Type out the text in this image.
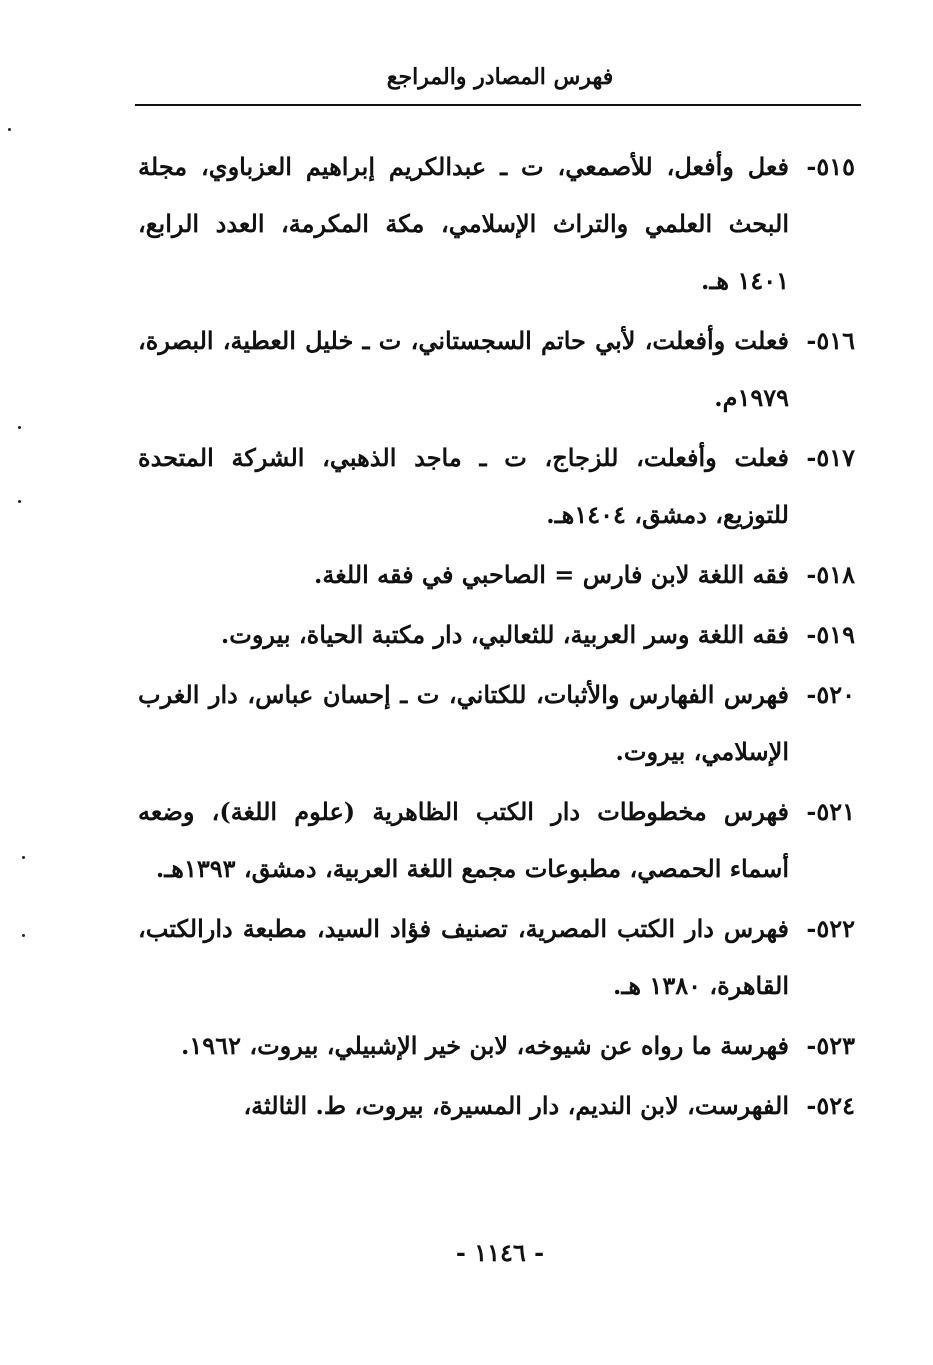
فهرس المصادر والمراجع
٥١٥-
فعل وأفعل، للأصمعي، ت ـ عبدالكريم إبراهيم العزباوي، مجلة البحث العلمي والتراث الإسلامي، مكة المكرمة، العدد الرابع، ١٤٠١ هـ.
٥١٦-
فعلت وأفعلت، لأبي حاتم السجستاني، ت ـ خليل العطية، البصرة، ١٩٧٩م.
٥١٧-
فعلت وأفعلت، للزجاج، ت ـ ماجد الذهبي، الشركة المتحدة للتوزيع، دمشق، ١٤٠٤هـ.
٥١٨-
فقه اللغة لابن فارس = الصاحبي في فقه اللغة.
٥١٩-
فقه اللغة وسر العربية، للثعالبي، دار مكتبة الحياة، بيروت.
٥٢٠-
فهرس الفهارس والأثبات، للكتاني، ت ـ إحسان عباس، دار الغرب الإسلامي، بيروت.
٥٢١-
فهرس مخطوطات دار الكتب الظاهرية (علوم اللغة)، وضعه أسماء الحمصي، مطبوعات مجمع اللغة العربية، دمشق، ١٣٩٣هـ.
٥٢٢-
فهرس دار الكتب المصرية، تصنيف فؤاد السيد، مطبعة دارالكتب، القاهرة، ١٣٨٠ هـ.
٥٢٣-
فهرسة ما رواه عن شيوخه، لابن خير الإشبيلي، بيروت، ١٩٦٢.
٥٢٤-
الفهرست، لابن النديم، دار المسيرة، بيروت، ط. الثالثة،
- ١١٤٦ -
